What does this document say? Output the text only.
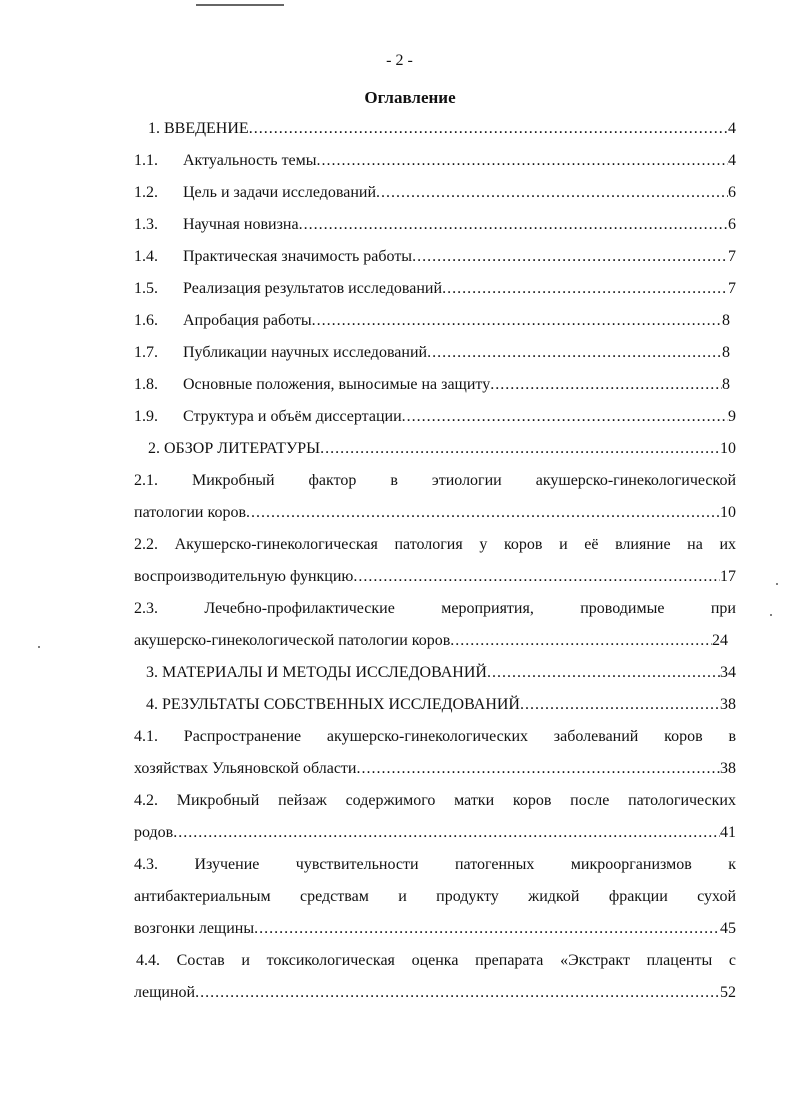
- 2 -
Оглавление
1. ВВЕДЕНИЕ .....	4
1.1. Актуальность темы .....	4
1.2. Цель и задачи исследований .....	6
1.3. Научная новизна .....	6
1.4. Практическая значимость работы .....	7
1.5. Реализация результатов исследований .....	7
1.6. Апробация работы .....	8
1.7. Публикации научных исследований .....	8
1.8. Основные положения, выносимые на защиту .....	8
1.9. Структура и объём диссертации .....	9
2. ОБЗОР ЛИТЕРАТУРЫ .....	10
2.1. Микробный фактор в этиологии акушерско-гинекологической
патологии коров .....	10
2.2. Акушерско-гинекологическая патология у коров и её влияние на их
воспроизводительную функцию .....	17
2.3.	Лечебно-профилактические мероприятия, проводимые при
акушерско-гинекологической патологии коров .....	24
3. МАТЕРИАЛЫ И МЕТОДЫ ИССЛЕДОВАНИЙ .....	34
4. РЕЗУЛЬТАТЫ СОБСТВЕННЫХ ИССЛЕДОВАНИЙ .....	38
4.1. Распространение акушерско-гинекологических заболеваний коров в
хозяйствах Ульяновской области .....	38
4.2. Микробный пейзаж содержимого матки коров после патологических
родов .....	41
4.3. Изучение чувствительности патогенных микроорганизмов к
антибактериальным средствам и продукту жидкой фракции сухой
возгонки лещины .....	45
4.4. Состав и токсикологическая оценка препарата «Экстракт плаценты с
лещиной .....	52
